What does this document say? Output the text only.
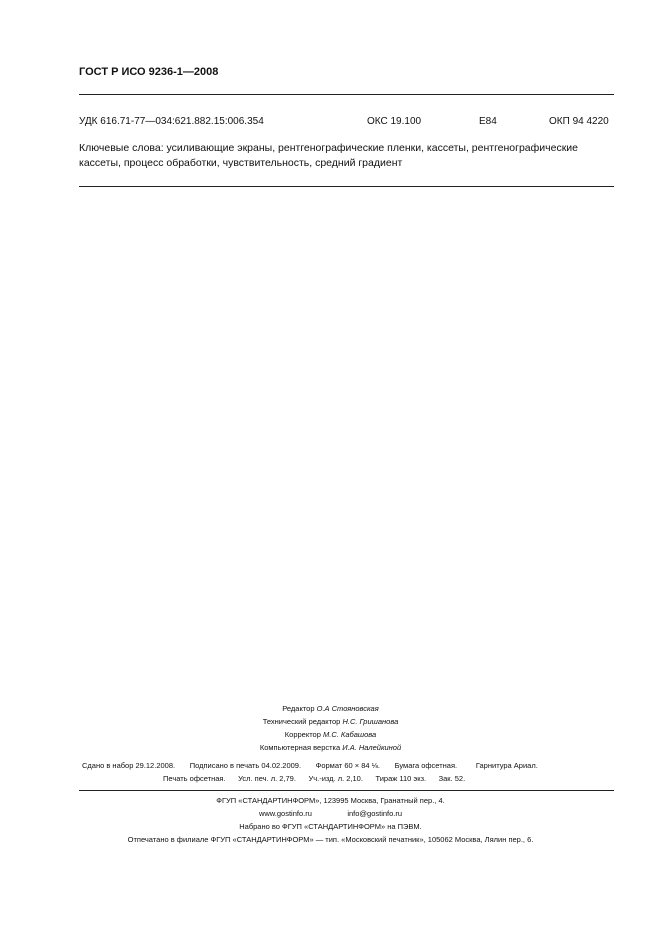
ГОСТ Р ИСО 9236-1—2008
УДК 616.71-77—034:621.882.15:006.354	ОКС 19.100	Е84	ОКП 94 4220
Ключевые слова: усиливающие экраны, рентгенографические пленки, кассеты, рентгенографические кассеты, процесс обработки, чувствительность, средний градиент
Редактор О.А Стояновская
Технический редактор Н.С. Гришанова
Корректор М.С. Кабашова
Компьютерная верстка И.А. Налейкиной
Сдано в набор 29.12.2008. Подписано в печать 04.02.2009. Формат 60 × 84 ⅛. Бумага офсетная.	Гарнитура Ариал.
Печать офсетная. Усл. печ. л. 2,79. Уч.-изд. л. 2,10. Тираж 110 экз. Зак. 52.
ФГУП «СТАНДАРТИНФОРМ», 123995 Москва, Гранатный пер., 4.
www.gostinfo.ru	info@gostinfo.ru
Набрано во ФГУП «СТАНДАРТИНФОРМ» на ПЭВМ.
Отпечатано в филиале ФГУП «СТАНДАРТИНФОРМ» — тип. «Московский печатник», 105062 Москва, Лялин пер., 6.
